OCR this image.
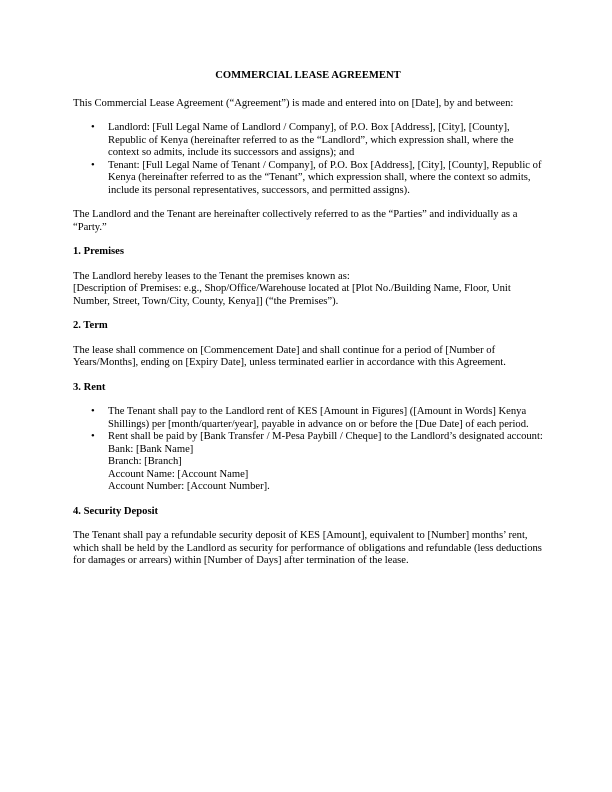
COMMERCIAL LEASE AGREEMENT

This Commercial Lease Agreement (“Agreement”) is made and entered into on [Date], by and between:

• Landlord: [Full Legal Name of Landlord / Company], of P.O. Box [Address], [City], [County], Republic of Kenya (hereinafter referred to as the “Landlord”, which expression shall, where the context so admits, include its successors and assigns); and
• Tenant: [Full Legal Name of Tenant / Company], of P.O. Box [Address], [City], [County], Republic of Kenya (hereinafter referred to as the “Tenant”, which expression shall, where the context so admits, include its personal representatives, successors, and permitted assigns).

The Landlord and the Tenant are hereinafter collectively referred to as the “Parties” and individually as a “Party.”

1. Premises

The Landlord hereby leases to the Tenant the premises known as:
[Description of Premises: e.g., Shop/Office/Warehouse located at [Plot No./Building Name, Floor, Unit Number, Street, Town/City, County, Kenya]] (“the Premises”).

2. Term

The lease shall commence on [Commencement Date] and shall continue for a period of [Number of Years/Months], ending on [Expiry Date], unless terminated earlier in accordance with this Agreement.

3. Rent
• The Tenant shall pay to the Landlord rent of KES [Amount in Figures] ([Amount in Words] Kenya Shillings) per [month/quarter/year], payable in advance on or before the [Due Date] of each period.
• Rent shall be paid by [Bank Transfer / M-Pesa Paybill / Cheque] to the Landlord’s designated account:
Bank: [Bank Name]
Branch: [Branch]
Account Name: [Account Name]
Account Number: [Account Number].
4. Security Deposit

The Tenant shall pay a refundable security deposit of KES [Amount], equivalent to [Number] months’ rent, which shall be held by the Landlord as security for performance of obligations and refundable (less deductions for damages or arrears) within [Number of Days] after termination of the lease.
